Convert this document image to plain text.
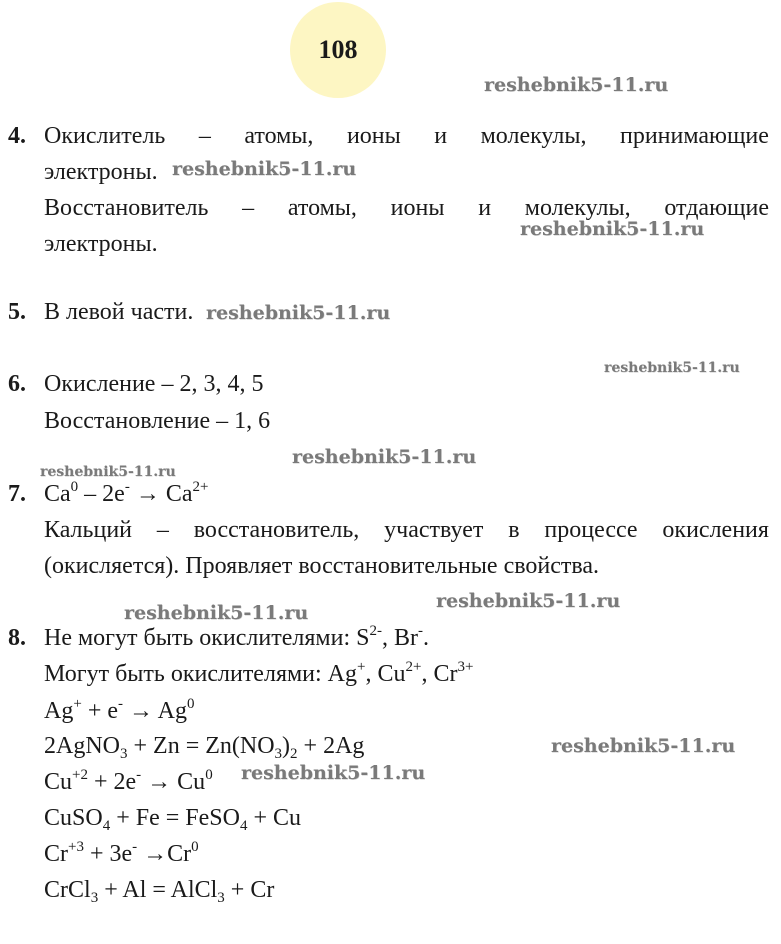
108
reshebnik5-11.ru
reshebnik5-11.ru
reshebnik5-11.ru
reshebnik5-11.ru
reshebnik5-11.ru
reshebnik5-11.ru
reshebnik5-11.ru
reshebnik5-11.ru
reshebnik5-11.ru
reshebnik5-11.ru
reshebnik5-11.ru
4. Окислитель – атомы, ионы и молекулы, принимающие
электроны.
Восстановитель – атомы, ионы и молекулы, отдающие
электроны.
5. В левой части.
6. Окисление – 2, 3, 4, 5
Восстановление – 1, 6
7. $Ca^0 - 2e^- \to Ca^{2+}$
Кальций – восстановитель, участвует в процессе окисления
(окисляется). Проявляет восстановительные свойства.
8. Не могут быть окислителями: $S^{2-}$, Br-.
Могут быть окислителями: Ag+, $Cu^{2+}$, $Cr^{3+}$
$Ag^+ + e^- \to Ag^0$
2AgNO$_3$ + $Zn = Zn(NO_3)_2 + 2Ag$
$Cu^{+2} + 2e^- \to Cu^0$
CuSO$_4$ + Fe = FeSO$_4$ + Cu
$Cr^{+3} + 3e^- \to Cr^0$
CrCl$_3$ + Al = AlCl$_3$ + Cr
